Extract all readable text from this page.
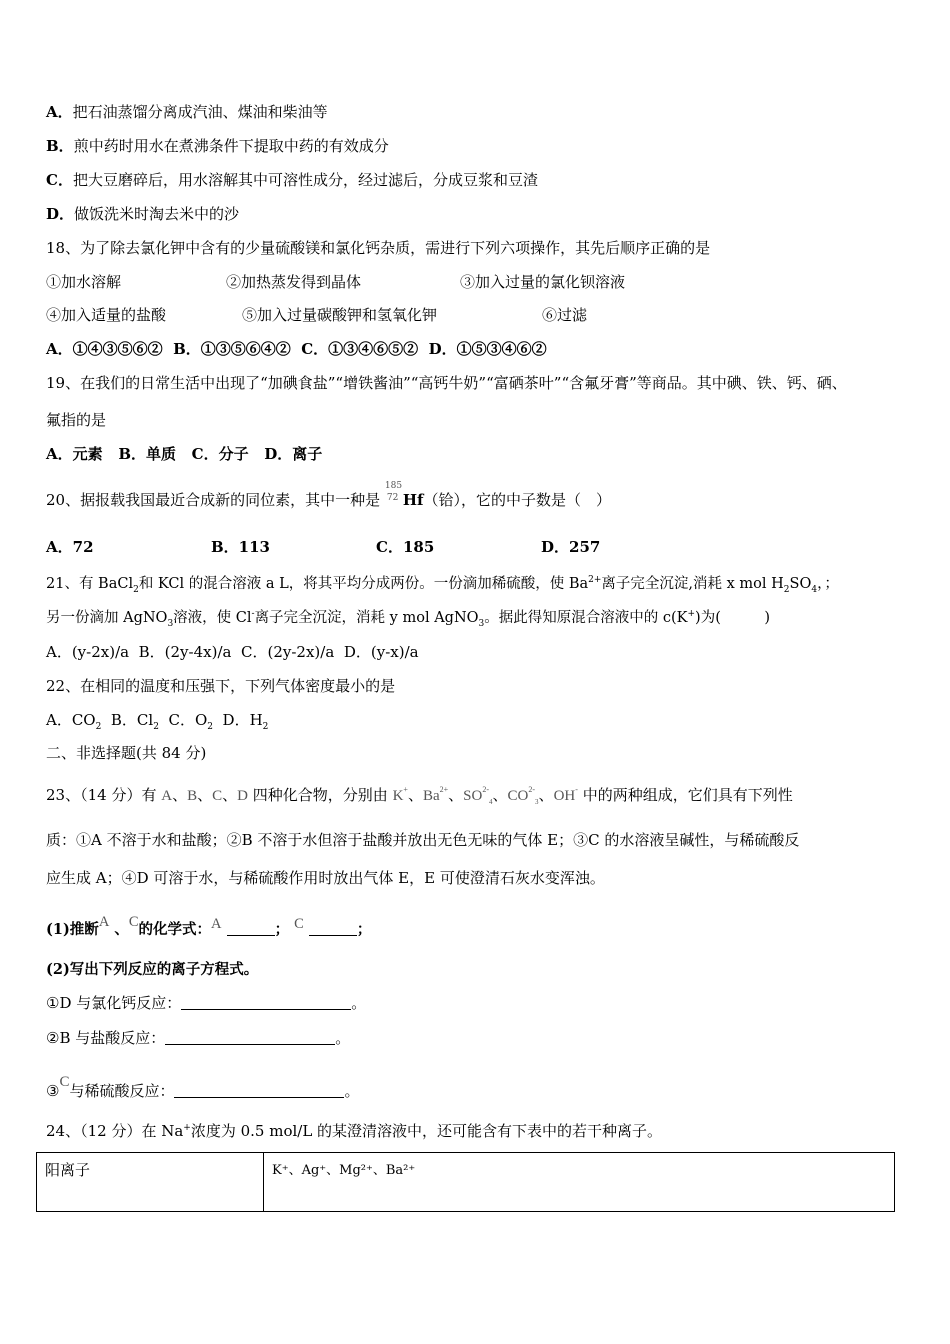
A．把石油蒸馏分离成汽油、煤油和柴油等
B．煎中药时用水在煮沸条件下提取中药的有效成分
C．把大豆磨碎后，用水溶解其中可溶性成分，经过滤后，分成豆浆和豆渣
D．做饭洗米时淘去米中的沙
18、为了除去氯化钾中含有的少量硫酸镁和氯化钙杂质，需进行下列六项操作，其先后顺序正确的是
①加水溶解	②加热蒸发得到晶体	③加入过量的氯化钡溶液
④加入适量的盐酸	⑤加入过量碳酸钾和氢氧化钾	⑥过滤
A．①④③⑤⑥② B．①③⑤⑥④② C．①③④⑥⑤② D．①⑤③④⑥②
19、在我们的日常生活中出现了“加碘食盐”“增铁酱油”“高钙牛奶”“富硒茶叶”“含氟牙膏”等商品。其中碘、铁、钙、硒、
氟指的是
A．元素 B．单质 C．分子 D．离子
20、据报载我国最近合成新的同位素，其中一种是
185
72 Hf（铪），它的中子数是（　）
A．72	B．113	C．185	D．257
21、有 BaCl$_2$和 KCl 的混合溶液 a L，将其平均分成两份。一份滴加稀硫酸，使 $Ba^{2+}$离子完全沉淀,消耗 x mol $H_2SO_4$，；
另一份滴加 AgNO$_3$溶液，使 Cl-离子完全沉淀，消耗 y mol AgNO$_3$。据此得知原混合溶液中的 c(K+)为(　　　)
A．(y-2x)/a B．(2y-4x)/a C．(2y-2x)/a D．(y-x)/a
22、在相同的温度和压强下，下列气体密度最小的是
A．$CO_2$ B．$Cl_2$ C．$O_2$ D．$H_2$
二、非选择题(共 84 分)
23、（14 分）有 A、B、C、D 四种化合物，分别由 K+、$Ba^{2+}$、$SO^{2-}_4$、$CO^{2-}_3$、OH- 中的两种组成，它们具有下列性
质：①A 不溶于水和盐酸；②B 不溶于水但溶于盐酸并放出无色无味的气体 E；③C 的水溶液呈碱性，与稀硫酸反
应生成 A；④D 可溶于水，与稀硫酸作用时放出气体 E，E 可使澄清石灰水变浑浊。
(1)推断A 、C的化学式：A	； C	；
(2)写出下列反应的离子方程式。
①D 与氯化钙反应：	。
②B 与盐酸反应：	。
③C与稀硫酸反应：	。
24、（12 分）在 Na+浓度为 0.5 mol/L 的某澄清溶液中，还可能含有下表中的若干种离子。
阳离子	K⁺、Ag⁺、Mg²⁺、Ba²⁺
